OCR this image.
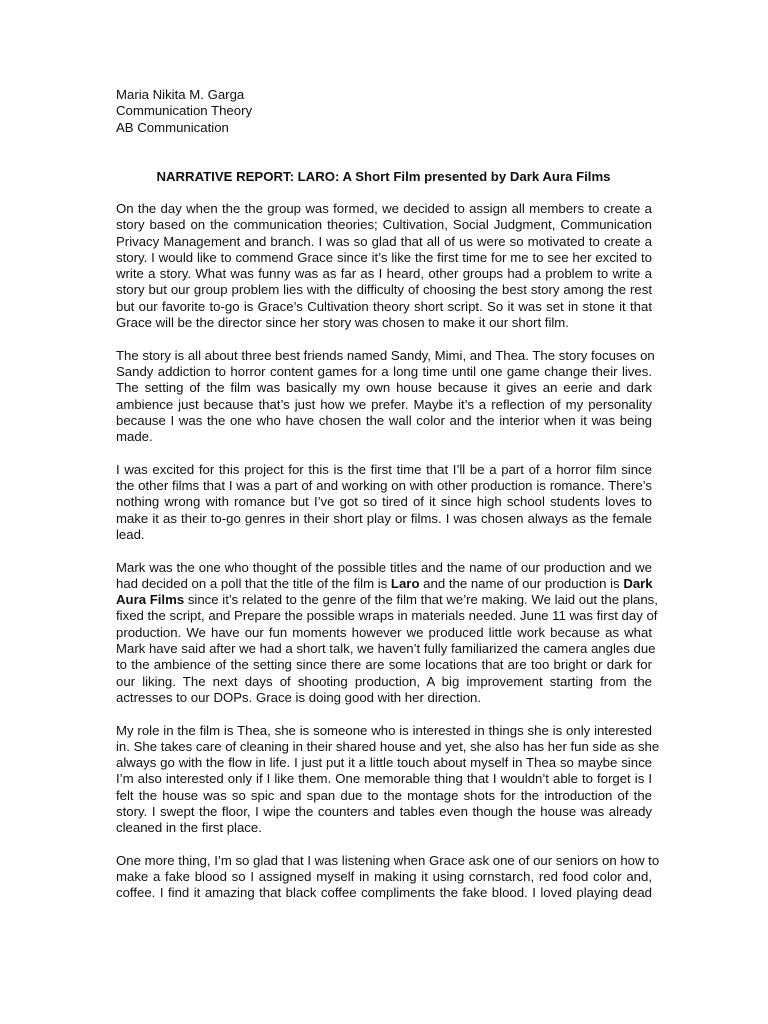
Maria Nikita M. Garga
Communication Theory
AB Communication
NARRATIVE REPORT: LARO: A Short Film presented by Dark Aura Films
On the day when the the group was formed, we decided to assign all members to create a
story based on the communication theories; Cultivation, Social Judgment, Communication
Privacy Management and branch. I was so glad that all of us were so motivated to create a
story. I would like to commend Grace since it’s like the first time for me to see her excited to
write a story. What was funny was as far as I heard, other groups had a problem to write a
story but our group problem lies with the difficulty of choosing the best story among the rest
but our favorite to-go is Grace’s Cultivation theory short script. So it was set in stone it that
Grace will be the director since her story was chosen to make it our short film.
The story is all about three best friends named Sandy, Mimi, and Thea. The story focuses on
Sandy addiction to horror content games for a long time until one game change their lives.
The setting of the film was basically my own house because it gives an eerie and dark
ambience just because that’s just how we prefer. Maybe it’s a reflection of my personality
because I was the one who have chosen the wall color and the interior when it was being
made.
I was excited for this project for this is the first time that I’ll be a part of a horror film since
the other films that I was a part of and working on with other production is romance. There’s
nothing wrong with romance but I’ve got so tired of it since high school students loves to
make it as their to-go genres in their short play or films. I was chosen always as the female
lead.
Mark was the one who thought of the possible titles and the name of our production and we
had decided on a poll that the title of the film is Laro and the name of our production is Dark
Aura Films since it’s related to the genre of the film that we’re making. We laid out the plans,
fixed the script, and Prepare the possible wraps in materials needed. June 11 was first day of
production. We have our fun moments however we produced little work because as what
Mark have said after we had a short talk, we haven’t fully familiarized the camera angles due
to the ambience of the setting since there are some locations that are too bright or dark for
our liking. The next days of shooting production, A big improvement starting from the
actresses to our DOPs. Grace is doing good with her direction.
My role in the film is Thea, she is someone who is interested in things she is only interested
in. She takes care of cleaning in their shared house and yet, she also has her fun side as she
always go with the flow in life. I just put it a little touch about myself in Thea so maybe since
I’m also interested only if I like them. One memorable thing that I wouldn’t able to forget is I
felt the house was so spic and span due to the montage shots for the introduction of the
story. I swept the floor, I wipe the counters and tables even though the house was already
cleaned in the first place.
One more thing, I’m so glad that I was listening when Grace ask one of our seniors on how to
make a fake blood so I assigned myself in making it using cornstarch, red food color and,
coffee. I find it amazing that black coffee compliments the fake blood. I loved playing dead
